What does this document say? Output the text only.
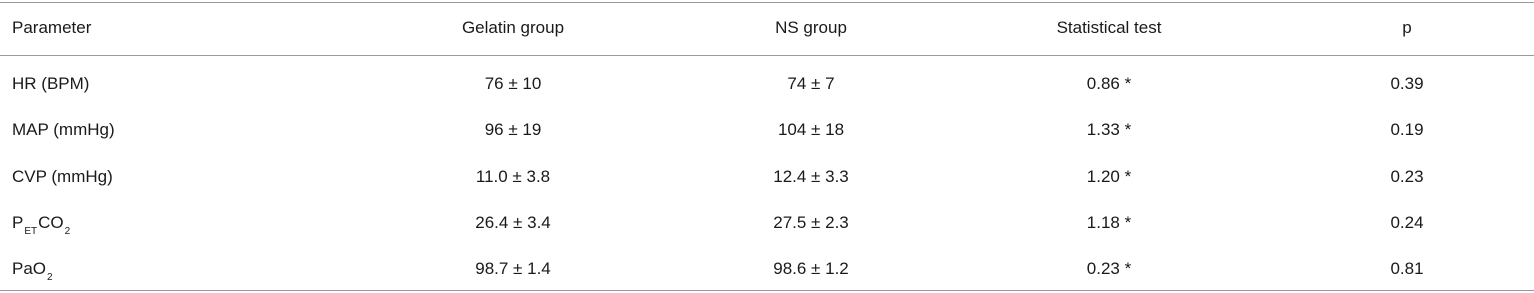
Parameter	Gelatin group	NS group	Statistical test	p
HR (BPM)	76 ± 10	74 ± 7	0.86 *	0.39
MAP (mmHg)	96 ± 19	104 ± 18	1.33 *	0.19
CVP (mmHg)	11.0 ± 3.8	12.4 ± 3.3	1.20 *	0.23
$P_{ET}CO_2$	26.4 ± 3.4	27.5 ± 2.3	1.18 *	0.24
PaO$_2$	98.7 ± 1.4	98.6 ± 1.2	0.23 *	0.81
